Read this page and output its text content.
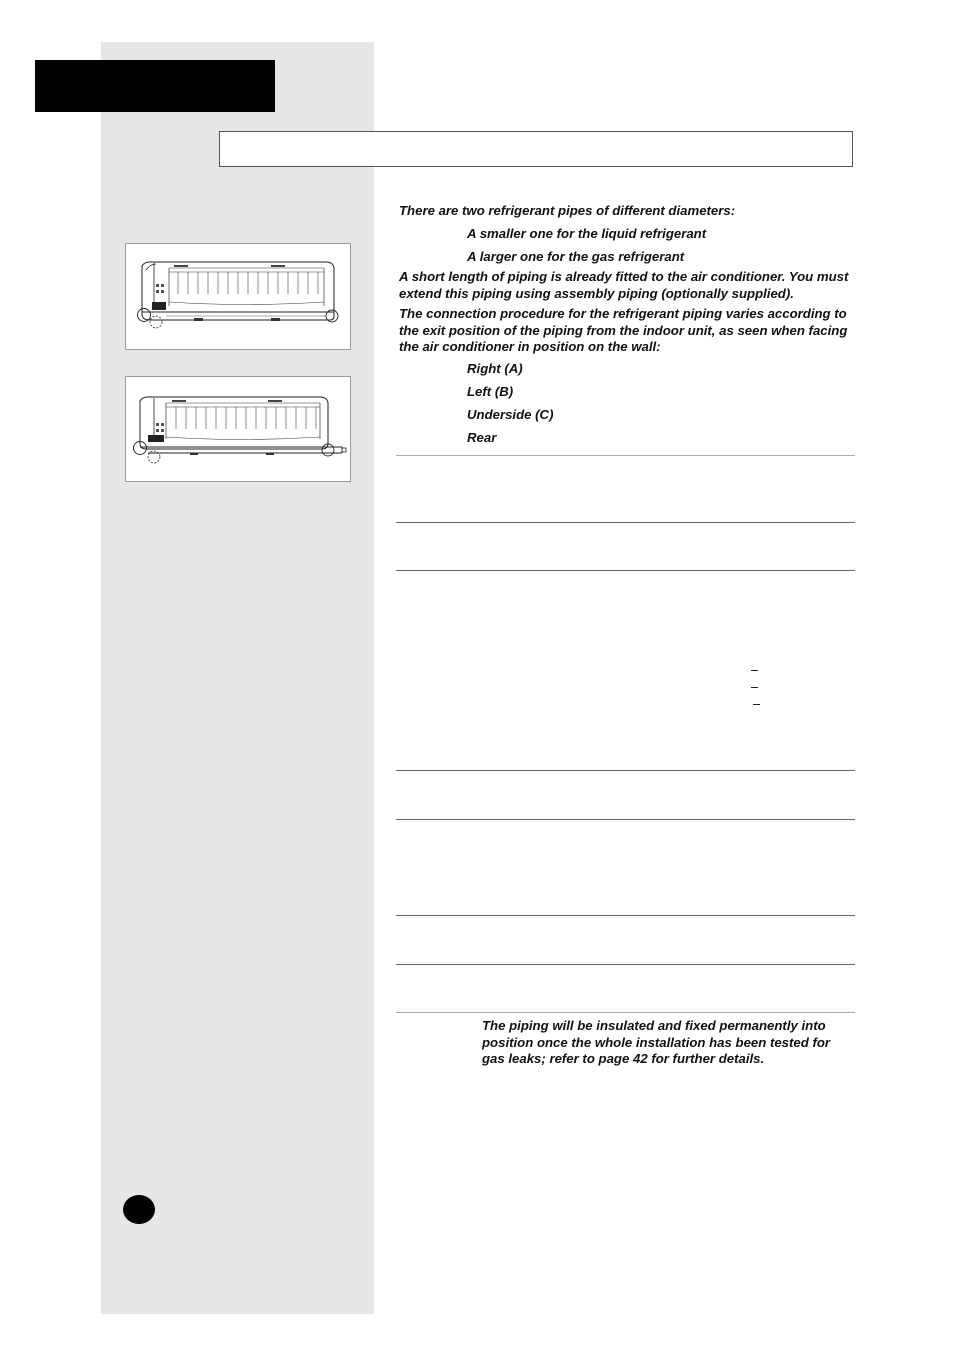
There are two refrigerant pipes of different diameters:

A smaller one for the liquid refrigerant

A larger one for the gas refrigerant

A short length of piping is already fitted to the air conditioner. You must extend this piping using assembly piping (optionally supplied).

The connection procedure for the refrigerant piping varies according to the exit position of the piping from the indoor unit, as seen when facing the air conditioner in position on the wall:

Right (A)

Left (B)

Underside (C)

Rear

The piping will be insulated and fixed permanently into position once the whole installation has been tested for gas leaks; refer to page 42 for further details.
